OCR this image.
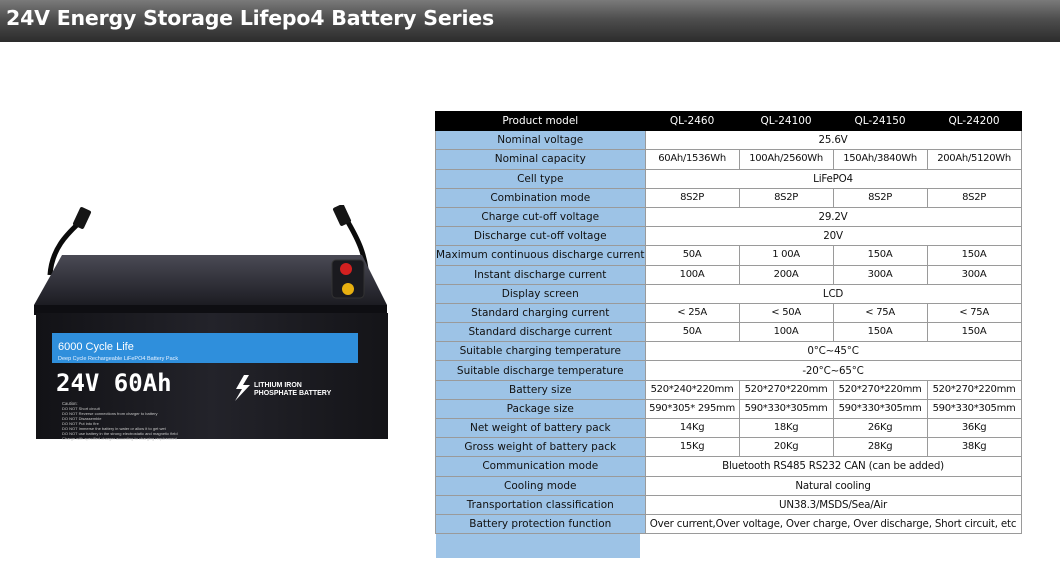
24V Energy Storage Lifepo4 Battery Series
6000 Cycle Life
Deep Cycle Rechargeable LiFePO4 Battery Pack
24V 60Ah	LITHIUM IRON
PHOSPHATE BATTERY
Caution:
DO NOT Short circuit
DO NOT Reverse connections from charger to battery
DO NOT Disassemble
DO NOT Put into fire
DO NOT Immerse the battery in water or allow it to get wet
DO NOT use battery in the strong electrostatic and magnetic field
Charge with specified charger according to charging requirement
Product model	QL-2460	QL-24100	QL-24150	QL-24200
Nominal voltage	25.6V			
Nominal capacity	60Ah/1536Wh	100Ah/2560Wh	150Ah/3840Wh	200Ah/5120Wh
Cell type	LiFePO4			
Combination mode	8S2P	8S2P	8S2P	8S2P
Charge cut-off voltage	29.2V			
Discharge cut-off voltage	20V			
Maximum continuous discharge current	50A	1 00A	150A	150A
Instant discharge current	100A	200A	300A	300A
Display screen	LCD			
Standard charging current	< 25A	< 50A	< 75A	< 75A
Standard discharge current	50A	100A	150A	150A
Suitable charging temperature	0°C~45°C			
Suitable discharge temperature	-20°C~65°C			
Battery size	520*240*220mm	520*270*220mm	520*270*220mm	520*270*220mm
Package size	590*305* 295mm	590*330*305mm	590*330*305mm	590*330*305mm
Net weight of battery pack	14Kg	18Kg	26Kg	36Kg
Gross weight of battery pack	15Kg	20Kg	28Kg	38Kg
Communication mode	Bluetooth RS485 RS232 CAN (can be added)			
Cooling mode	Natural cooling			
Transportation classification	UN38.3/MSDS/Sea/Air			
Battery protection function	Over current,Over voltage, Over charge, Over discharge, Short circuit, etc			
